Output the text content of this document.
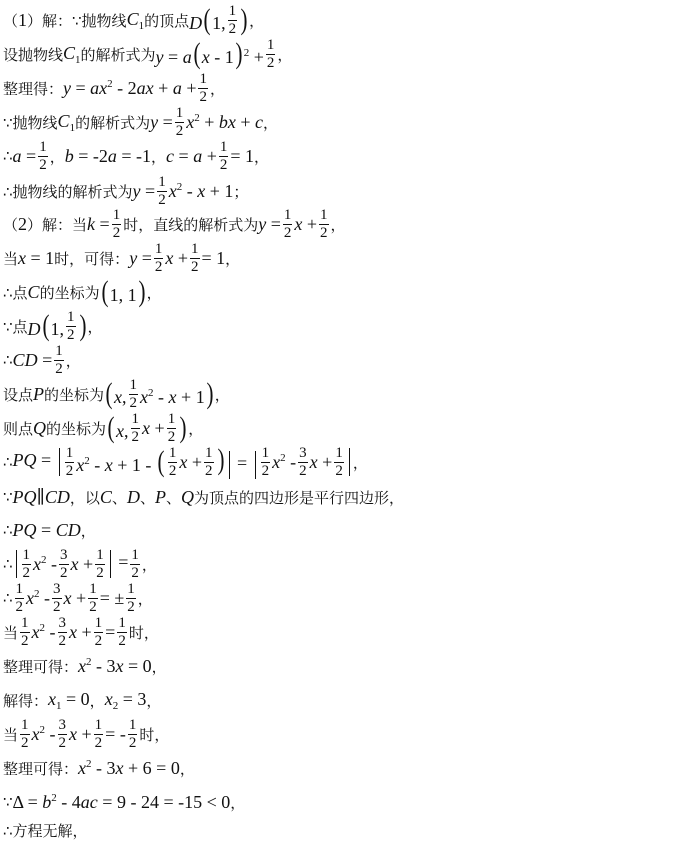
（ 1 ）解：∵抛物线 $C_1$ 的顶点 D(1, $\frac{1}{2}$ ) ，
设抛物线 $C_1$ 的解析式为 y = a(x - 1) $^2 + \frac{1}{2}$ ，
整理得： $y = ax^2 - 2ax + a + \frac{1}{2}$ ，
∵抛物线 $C_1$ 的解析式为 $y = \frac{1}{2} x^2$ + bx + c ，
∴ $a = \frac{1}{2}$ ， b = -2a = -1 ， $c = a + \frac{1}{2} = 1$ ，
∴抛物线的解析式为 $y = \frac{1}{2} x^2 - x + 1$ ；
（ 2 ）解：当 $k = \frac{1}{2}$ 时，直线的解析式为 $y = \frac{1}{2}$ $x + \frac{1}{2}$ ，
当 x = 1 时，可得： $y = \frac{1}{2}$ $x + \frac{1}{2} = 1$ ，
∴点 C 的坐标为 (1, 1) ，
∵点 D(1, $\frac{1}{2}$ ) ，
∴ CD = $\frac{1}{2}$ ，
设点 P 的坐标为 (x, $\frac{1}{2} x^2 - x + 1$) ，
则点 Q 的坐标为 (x, $\frac{1}{2}$ $x + \frac{1}{2}$ ) ，
∴ PQ = $\frac{1}{2} x^2 - x + 1$ - ( $\frac{1}{2}$ $x + \frac{1}{2}$ ) = $\frac{1}{2} x^2 - \frac{3}{2}$ $x + \frac{1}{2}$ ，
∵ PQ∥CD ，以 C 、 D 、 P 、 Q 为顶点的四边形是平行四边形，
∴ PQ = CD ，
∴ $\frac{1}{2} x^2 - \frac{3}{2}$ $x + \frac{1}{2} = \frac{1}{2}$ ，
∴ $\frac{1}{2} x^2 - \frac{3}{2}$ $x + \frac{1}{2}$ = ± $\frac{1}{2}$ ，
当 $\frac{1}{2} x^2 - \frac{3}{2}$ $x + \frac{1}{2} = \frac{1}{2}$ 时，
整理可得： $x^2 - 3x = 0$ ，
解得： $x_1 = 0$ ， $x_2 = 3$ ，
当 $\frac{1}{2} x^2 - \frac{3}{2}$ $x + \frac{1}{2}$ = - $\frac{1}{2}$ 时，
整理可得： $x^2 - 3x + 6 = 0$ ，
∵ $\Delta = b^2 - 4ac = 9 - 24 = -15 < 0$ ，
∴方程无解，
